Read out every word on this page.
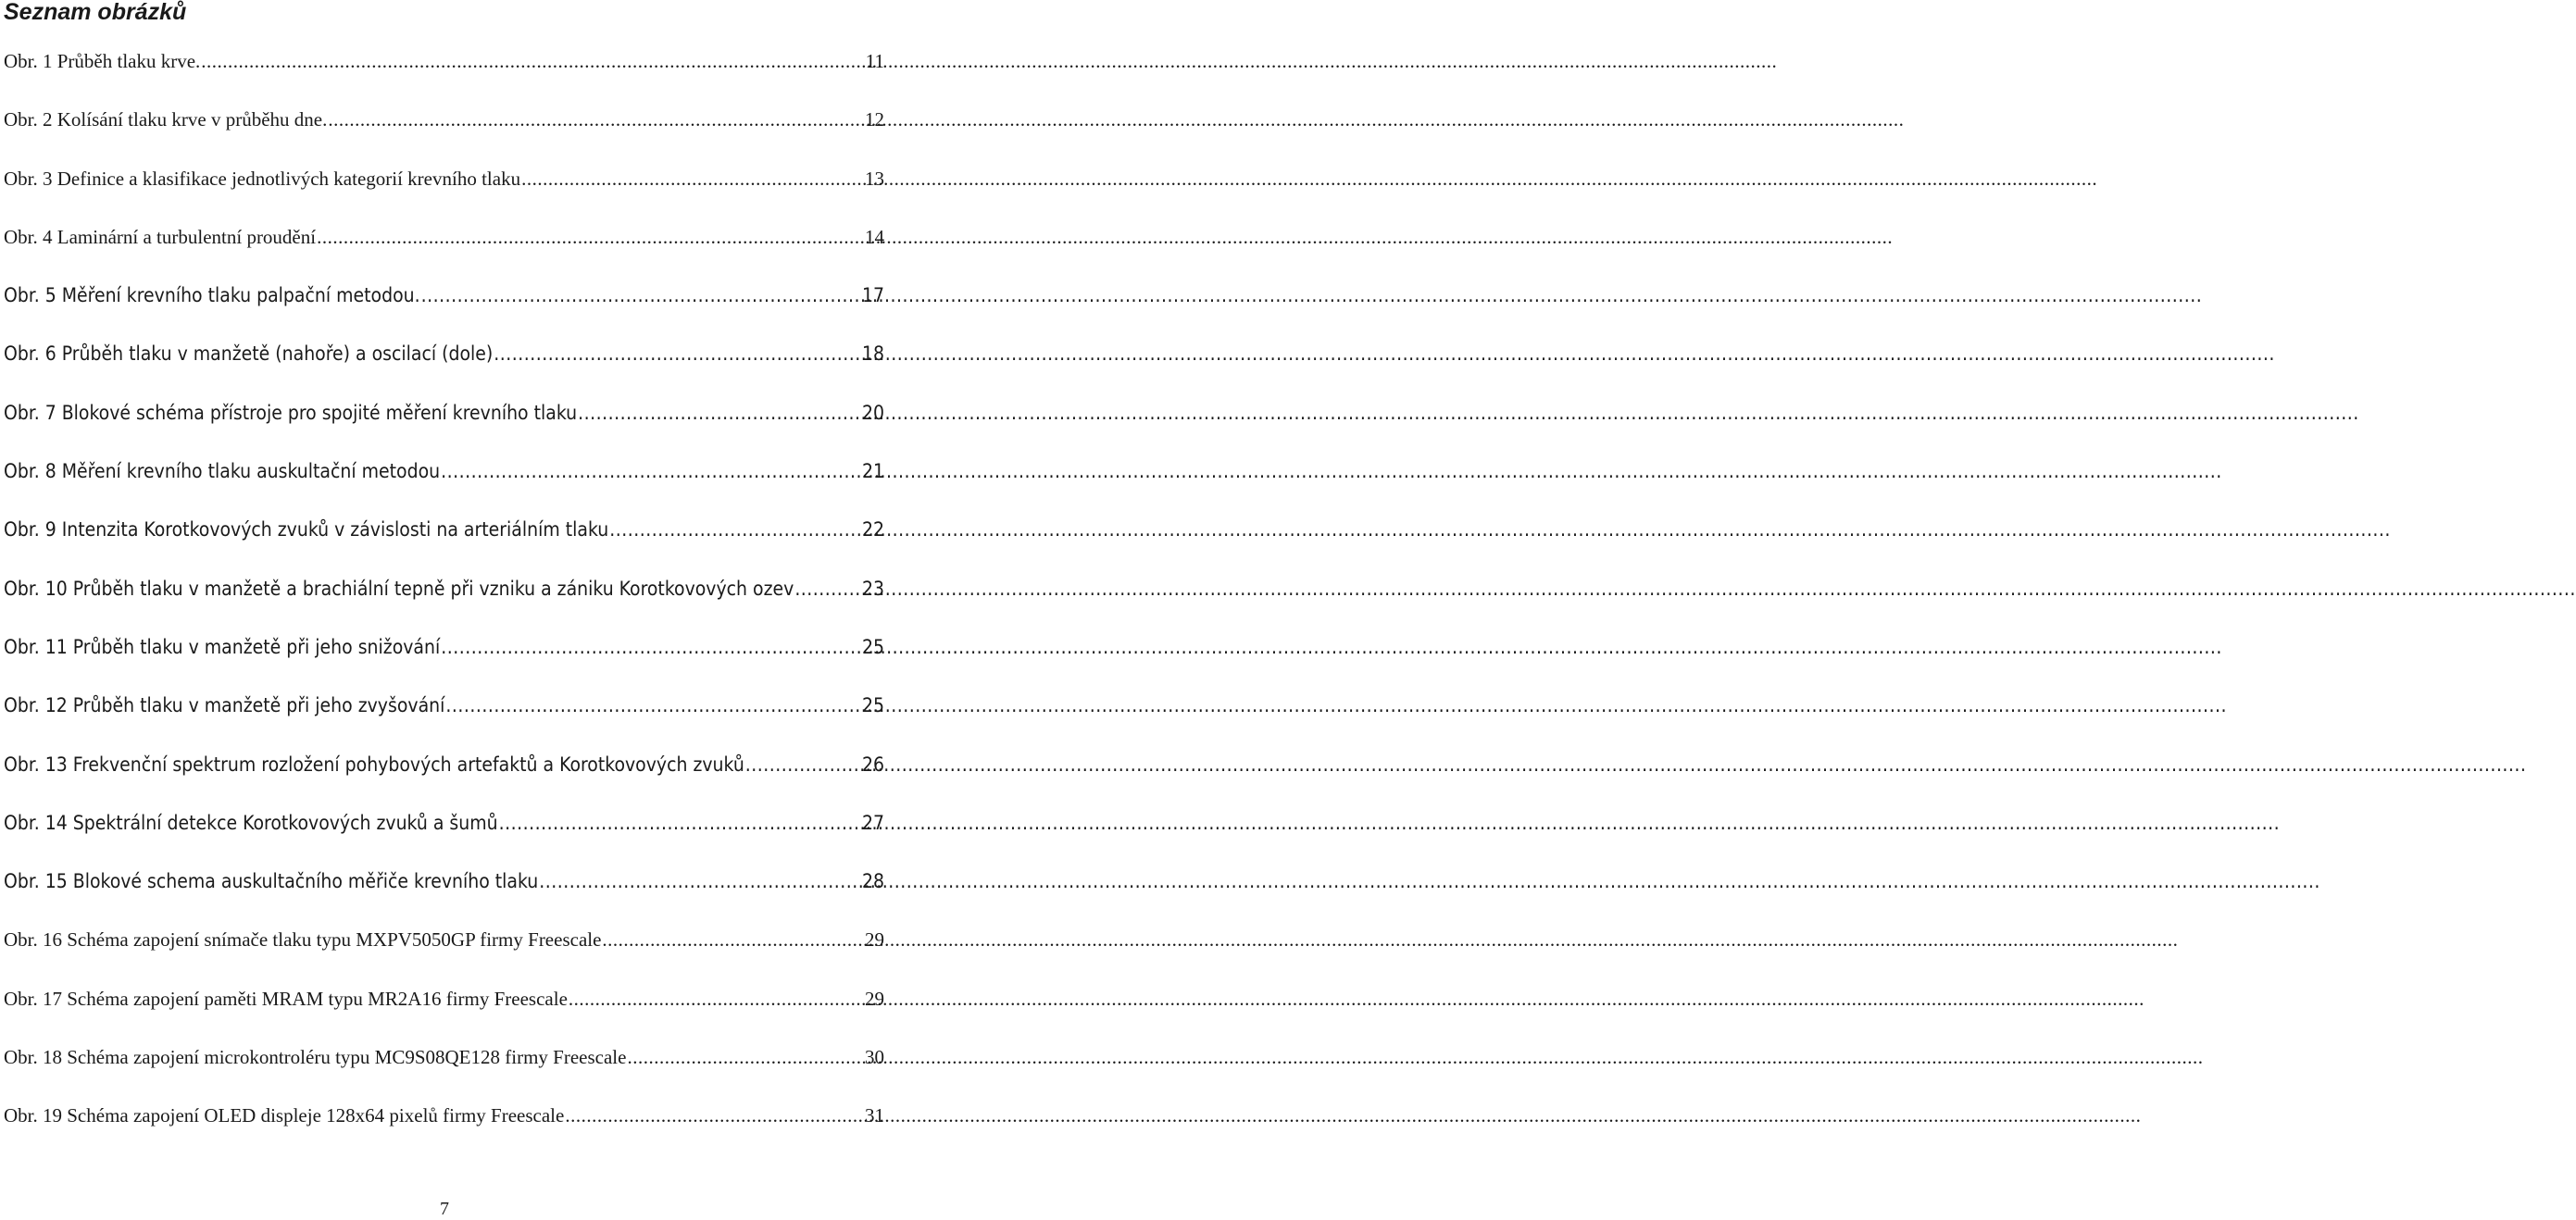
Seznam obrázků
Obr. 1 Průběh tlaku krve. .....	11
Obr. 2 Kolísání tlaku krve v průběhu dne. .....	12
Obr. 3 Definice a klasifikace jednotlivých kategorií krevního tlaku .....	13
Obr. 4 Laminární a turbulentní proudění .....	14
Obr. 5 Měření krevního tlaku palpační metodou. .....	17
Obr. 6 Průběh tlaku v manžetě (nahoře) a oscilací (dole) .....	18
Obr. 7 Blokové schéma přístroje pro spojité měření krevního tlaku .....	20
Obr. 8 Měření krevního tlaku auskultační metodou .....	21
Obr. 9 Intenzita Korotkovových zvuků v závislosti na arteriálním tlaku .....	22
Obr. 10 Průběh tlaku v manžetě a brachiální tepně při vzniku a zániku Korotkovových ozev .....	23
Obr. 11 Průběh tlaku v manžetě při jeho snižování .....	25
Obr. 12 Průběh tlaku v manžetě při jeho zvyšování .....	25
Obr. 13 Frekvenční spektrum rozložení pohybových artefaktů a Korotkovových zvuků .....	26
Obr. 14 Spektrální detekce Korotkovových zvuků a šumů .....	27
Obr. 15 Blokové schema auskultačního měřiče krevního tlaku .....	28
Obr. 16 Schéma zapojení snímače tlaku typu MXPV5050GP firmy Freescale .....	29
Obr. 17 Schéma zapojení paměti MRAM typu MR2A16 firmy Freescale .....	29
Obr. 18 Schéma zapojení microkontroléru typu MC9S08QE128 firmy Freescale .....	30
Obr. 19 Schéma zapojení OLED displeje 128x64 pixelů firmy Freescale .....	31
7
